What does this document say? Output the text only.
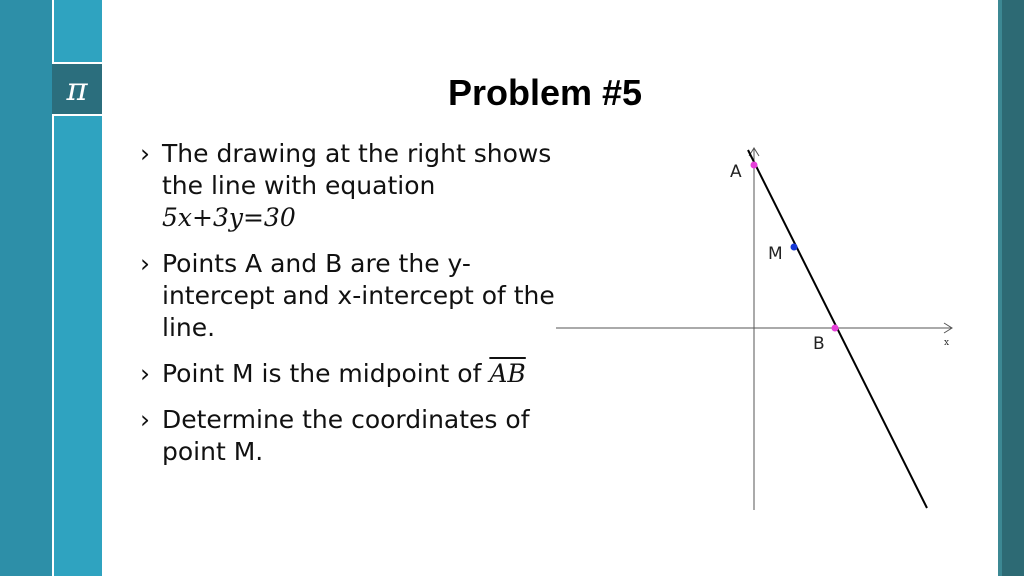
π	Problem #5
› The drawing at the right shows the line with equation 5x+3y=30
› Points A and B are the y-intercept and x-intercept of the line.
› Point M is the midpoint of $\overline{AB}$
› Determine the coordinates of point M.
x
A
M
B
